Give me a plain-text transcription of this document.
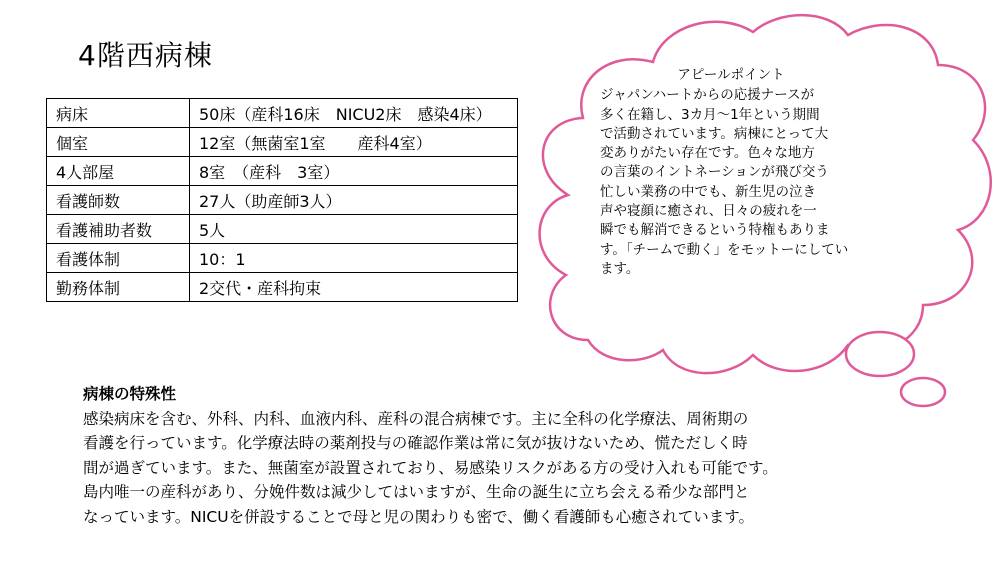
4階西病棟
病床	50床（産科16床　NICU2床　感染4床）
個室	12室（無菌室1室　　産科4室）
4人部屋	8室　（産科　3室）
看護師数	27人（助産師3人）
看護補助者数	5人
看護体制	10：1
勤務体制	2交代・産科拘束
アピールポイント
ジャパンハートからの応援ナースが
多く在籍し、3カ月〜1年という期間
で活動されています。病棟にとって大
変ありがたい存在です。色々な地方
の言葉のイントネーションが飛び交う
忙しい業務の中でも、新生児の泣き
声や寝顔に癒され、日々の疲れを一
瞬でも解消できるという特権もありま
す。「チームで動く」をモットーにしてい
ます。
病棟の特殊性
感染病床を含む、外科、内科、血液内科、産科の混合病棟です。主に全科の化学療法、周術期の
看護を行っています。化学療法時の薬剤投与の確認作業は常に気が抜けないため、慌ただしく時
間が過ぎています。また、無菌室が設置されており、易感染リスクがある方の受け入れも可能です。
島内唯一の産科があり、分娩件数は減少してはいますが、生命の誕生に立ち会える希少な部門と
なっています。NICUを併設することで母と児の関わりも密で、働く看護師も心癒されています。
